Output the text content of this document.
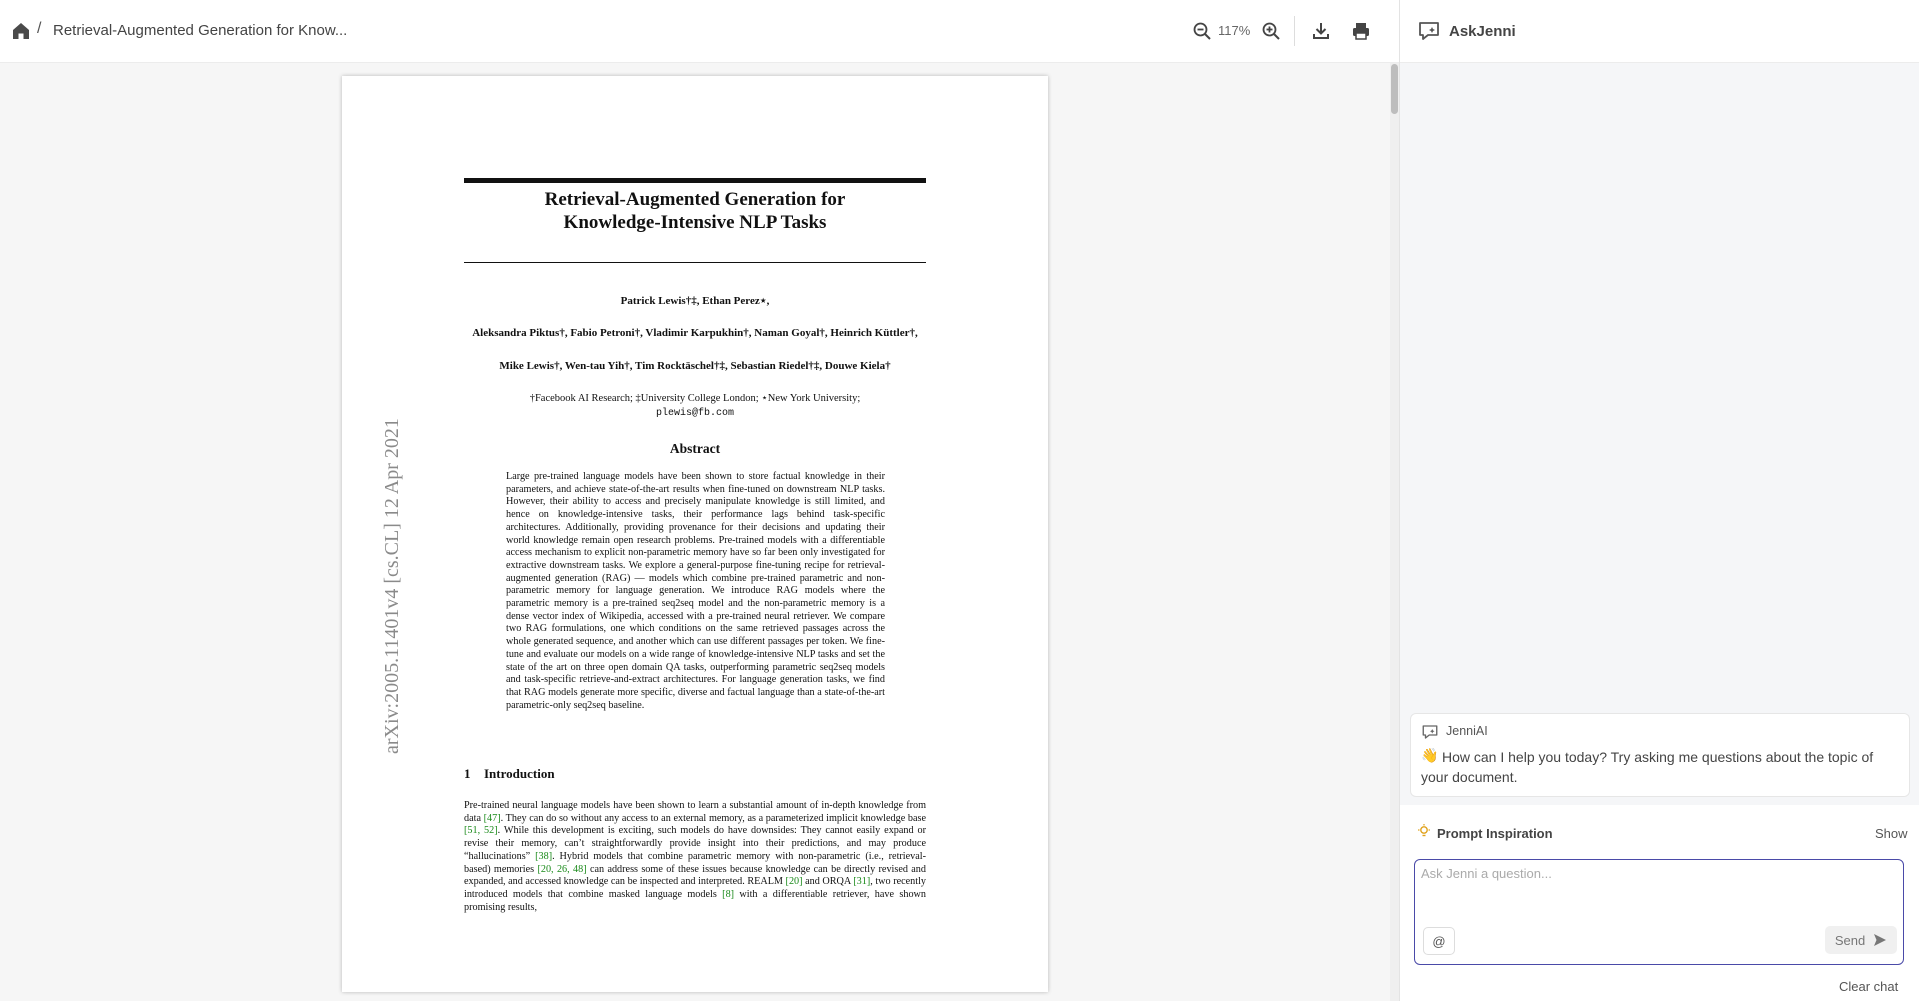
/ Retrieval-Augmented Generation for Know...	117%
arXiv:2005.11401v4 [cs.CL] 12 Apr 2021
Retrieval-Augmented Generation for
Knowledge-Intensive NLP Tasks
Patrick Lewis†‡, Ethan Perez⋆,
Aleksandra Piktus†, Fabio Petroni†, Vladimir Karpukhin†, Naman Goyal†, Heinrich Küttler†,
Mike Lewis†, Wen-tau Yih†, Tim Rocktäschel†‡, Sebastian Riedel†‡, Douwe Kiela†
†Facebook AI Research; ‡University College London; ⋆New York University;
plewis@fb.com
Abstract
Large pre-trained language models have been shown to store factual knowledge in their parameters, and achieve state-of-the-art results when fine-tuned on downstream NLP tasks. However, their ability to access and precisely manipulate knowledge is still limited, and hence on knowledge-intensive tasks, their performance lags behind task-specific architectures. Additionally, providing provenance for their decisions and updating their world knowledge remain open research problems. Pre-trained models with a differentiable access mechanism to explicit non-parametric memory have so far been only investigated for extractive downstream tasks. We explore a general-purpose fine-tuning recipe for retrieval-augmented generation (RAG) — models which combine pre-trained parametric and non-parametric memory for language generation. We introduce RAG models where the parametric memory is a pre-trained seq2seq model and the non-parametric memory is a dense vector index of Wikipedia, accessed with a pre-trained neural retriever. We compare two RAG formulations, one which conditions on the same retrieved passages across the whole generated sequence, and another which can use different passages per token. We fine-tune and evaluate our models on a wide range of knowledge-intensive NLP tasks and set the state of the art on three open domain QA tasks, outperforming parametric seq2seq models and task-specific retrieve-and-extract architectures. For language generation tasks, we find that RAG models generate more specific, diverse and factual language than a state-of-the-art parametric-only seq2seq baseline.
1 Introduction
Pre-trained neural language models have been shown to learn a substantial amount of in-depth knowledge from data [47]. They can do so without any access to an external memory, as a parameterized implicit knowledge base [51, 52]. While this development is exciting, such models do have downsides: They cannot easily expand or revise their memory, can’t straightforwardly provide insight into their predictions, and may produce “hallucinations” [38]. Hybrid models that combine parametric memory with non-parametric (i.e., retrieval-based) memories [20, 26, 48] can address some of these issues because knowledge can be directly revised and expanded, and accessed knowledge can be inspected and interpreted. REALM [20] and ORQA [31], two recently introduced models that combine masked language models [8] with a differentiable retriever, have shown promising results,
AskJenni
JenniAI
👋 How can I help you today? Try asking me questions about the topic of your document.
Prompt Inspiration	Show
Ask Jenni a question...
@	Send
Clear chat
